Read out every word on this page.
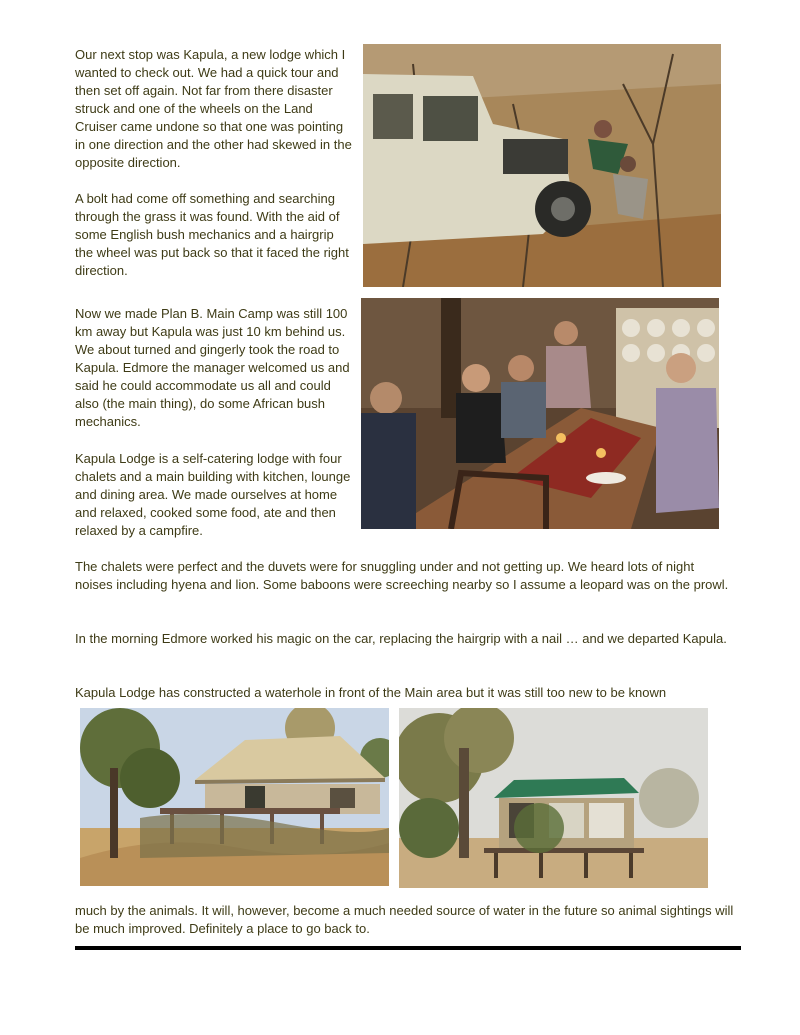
Our next stop was Kapula, a new lodge which I wanted to check out. We had a quick tour and then set off again. Not far from there disaster struck and one of the wheels on the Land Cruiser came undone so that one was pointing in one direction and the other had skewed in the opposite direction.

A bolt had come off something and searching through the grass it was found. With the aid of some English bush mechanics and a hairgrip the wheel was put back so that it faced the right direction.

Now we made Plan B. Main Camp was still 100 km away but Kapula was just 10 km behind us. We about turned and gingerly took the road to Kapula. Edmore the manager welcomed us and said he could accommodate us all and could also (the main thing), do some African bush mechanics.

Kapula Lodge is a self-catering lodge with four chalets and a main building with kitchen, lounge and dining area. We made ourselves at home and relaxed, cooked some food, ate and then relaxed by a campfire.

The chalets were perfect and the duvets were for snuggling under and not getting up. We heard lots of night noises including hyena and lion. Some baboons were screeching nearby so I assume a leopard was on the prowl.

In the morning Edmore worked his magic on the car, replacing the hairgrip with a nail … and we departed Kapula.

Kapula Lodge has constructed a waterhole in front of the Main area but it was still too new to be known

much by the animals. It will, however, become a much needed source of water in the future so animal sightings will be much improved. Definitely a place to go back to.
